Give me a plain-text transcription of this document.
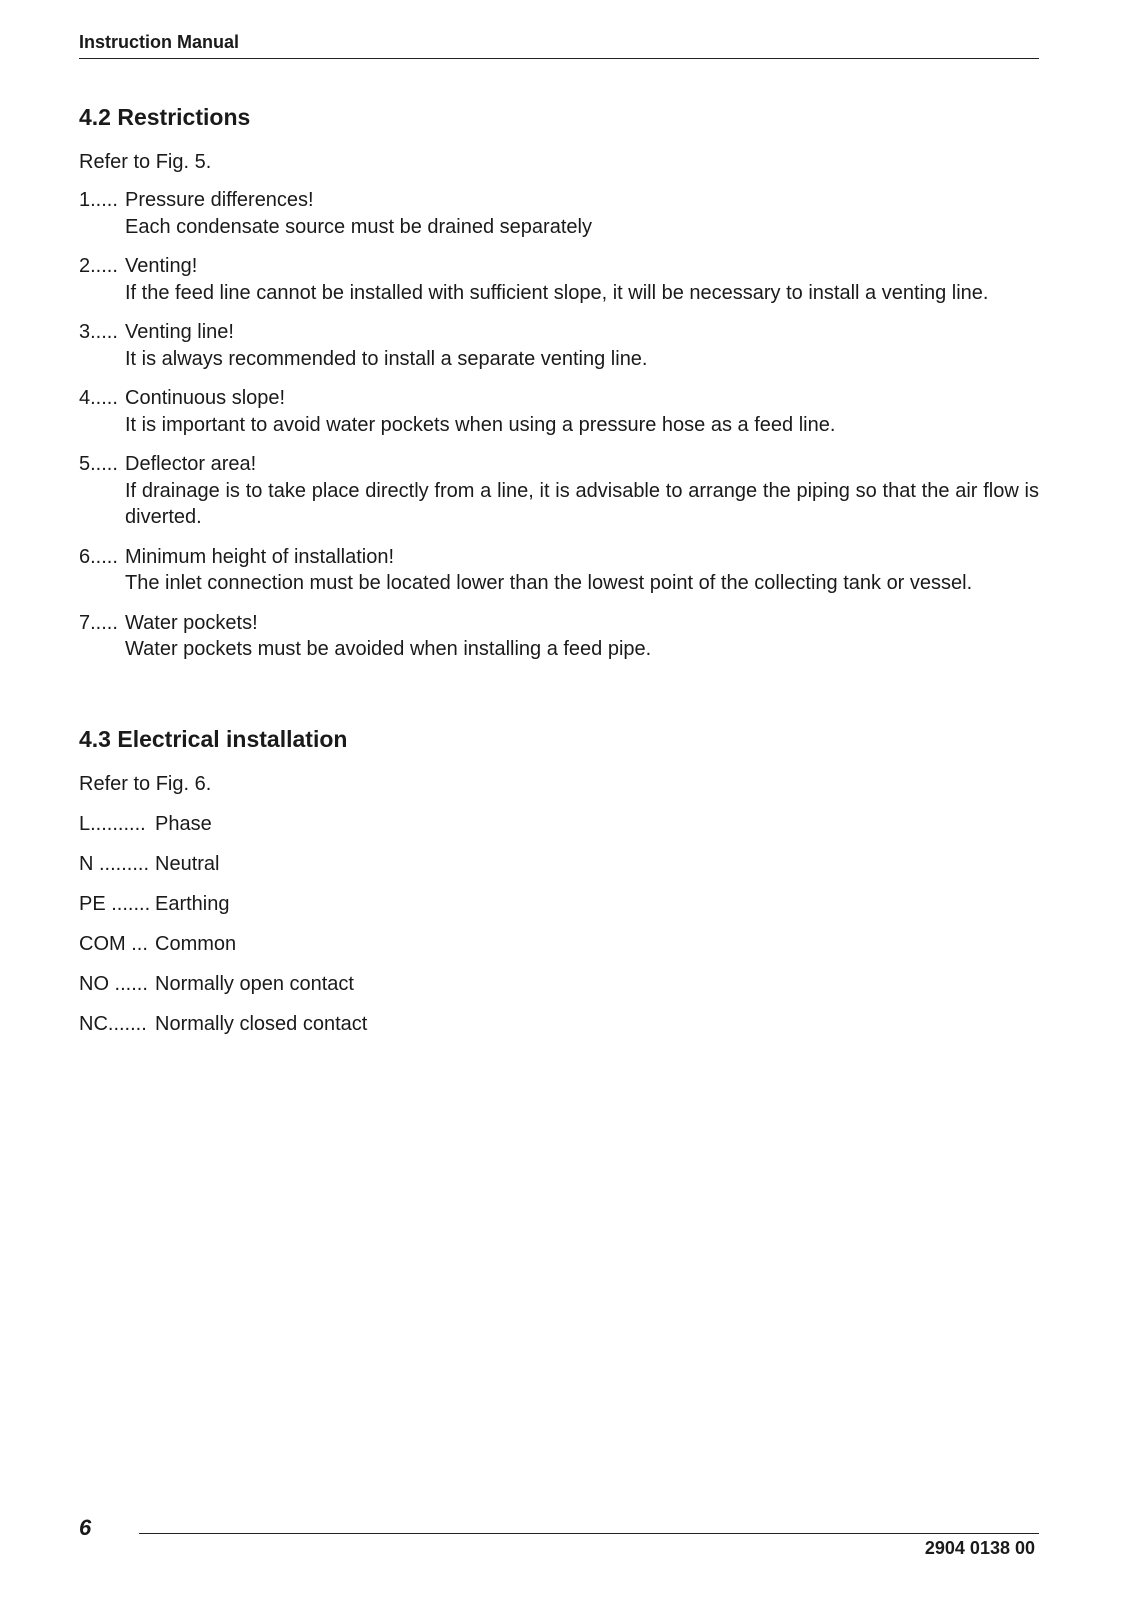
Instruction Manual
4.2 Restrictions
Refer to Fig. 5.
1..... Pressure differences!
Each condensate source must be drained separately
2..... Venting!
If the feed line cannot be installed with sufficient slope, it will be necessary to install a venting line.
3..... Venting line!
It is always recommended to install a separate venting line.
4..... Continuous slope!
It is important to avoid water pockets when using a pressure hose as a feed line.
5..... Deflector area!
If drainage is to take place directly from a line, it is advisable to arrange the piping so that the air flow is diverted.
6..... Minimum height of installation!
The inlet connection must be located lower than the lowest point of the collecting tank or vessel.
7..... Water pockets!
Water pockets must be avoided when installing a feed pipe.
4.3 Electrical installation
Refer to Fig. 6.
L.......... Phase
N ......... Neutral
PE ....... Earthing
COM ... Common
NO ...... Normally open contact
NC....... Normally closed contact
6
2904 0138 00
